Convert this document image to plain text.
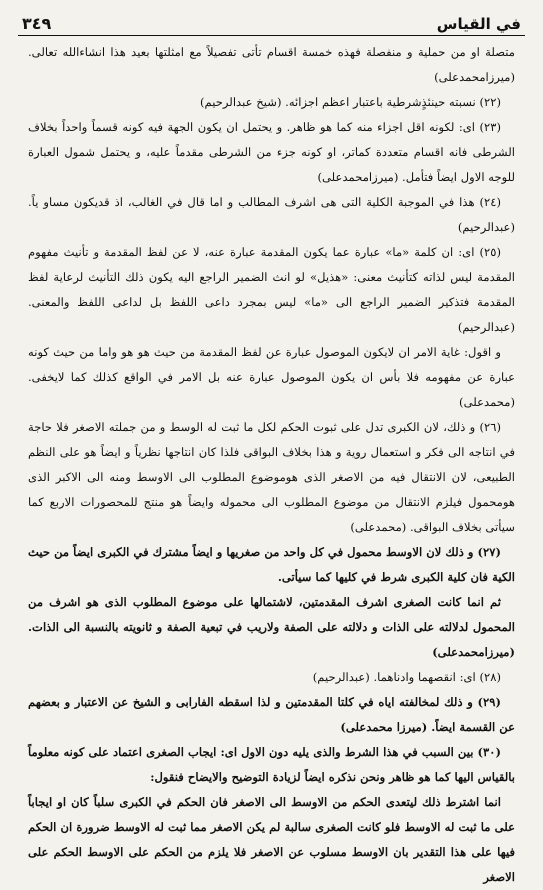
٣٤٩	في القياس

متصلة او من حملية و منفصلة فهذه خمسة اقسام تأتى تفصيلاً مع امثلتها بعيد هذا انشاءالله تعالى. (ميرزامحمدعلى)

(٢٢) نسبته حينئذٍشرطية باعتبار اعظم اجزائه. (شيخ عبدالرحيم)

(٢٣) اى: لكونه اقل اجزاء منه كما هو ظاهر. و يحتمل ان يكون الجهة فيه كونه قسماً واحداً بخلاف الشرطى فانه اقسام متعددة كماتر، او كونه جزء من الشرطى مقدماً عليه، و يحتمل شمول العبارة للوجه الاول ايضاً فتأمل. (ميرزامحمدعلى)

(٢٤) هذا في الموجبة الكلية التى هى اشرف المطالب و اما قال في الغالب، اذ قديكون مساو ياً. (عبدالرحيم)

(٢٥) اى: ان كلمة «ما» عبارة عما يكون المقدمة عبارة عنه، لا عن لفظ المقدمة و تأنيث مفهوم المقدمة ليس لذاته كتأنيث معنى: «هذيل» لو انث الضمير الراجع اليه يكون ذلك التأنيث لرعاية لفظ المقدمة فتذكير الضمير الراجع الى «ما» ليس بمجرد داعى اللفظ بل لداعى اللفظ والمعنى. (عبدالرحيم)

و اقول: غاية الامر ان لايكون الموصول عبارة عن لفظ المقدمة من حيث هو هو واما من حيث كونه عبارة عن مفهومه فلا بأس ان يكون الموصول عبارة عنه بل الامر في الواقع كذلك كما لايخفى. (محمدعلى)

(٢٦) و ذلك، لان الكبرى تدل على ثبوت الحكم لكل ما ثبت له الوسط و من جملته الاصغر فلا حاجة في انتاجه الى فكر و استعمال روية و هذا بخلاف البواقى فلذا كان انتاجها نظرياً و ايضاً هو على النظم الطبيعى، لان الانتقال فيه من الاصغر الذى هوموضوع المطلوب الى الاوسط ومنه الى الاكبر الذى هومحمول فيلزم الانتقال من موضوع المطلوب الى محموله وايضاً هو منتج للمحصورات الاربع كما سيأتى بخلاف البواقى. (محمدعلى)

(٢٧) و ذلك لان الاوسط محمول في كل واحد من صغريها و ايضاً مشترك في الكبرى ايضاً من حيث الكية فان كلية الكبرى شرط في كليها كما سيأتى.

ثم انما كانت الصغرى اشرف المقدمتين، لاشتمالها على موضوع المطلوب الذى هو اشرف من المحمول لدلالته على الذات و دلالته على الصفة ولاريب في تبعية الصفة و ثانويته بالنسبة الى الذات. (ميرزامحمدعلى)

(٢٨) اى: انقصهما وادناهما. (عبدالرحيم)

(٢٩) و ذلك لمخالفته اياه في كلتا المقدمتين و لذا اسقطه الفارابى و الشيخ عن الاعتبار و بعضهم عن القسمة ايضاً. (ميرزا محمدعلى)

(٣٠) بين السبب في هذا الشرط والذى يليه دون الاول اى: ايجاب الصغرى اعتماد على كونه معلوماً بالقياس اليها كما هو ظاهر ونحن نذكره ايضاً لزيادة التوضيح والايضاح فنقول:

انما اشترط ذلك ليتعدى الحكم من الاوسط الى الاصغر فان الحكم في الكبرى سلباً كان او ايجاباً على ما ثبت له الاوسط فلو كانت الصغرى سالبة لم يكن الاصغر مما ثبت له الاوسط ضرورة ان الحكم فيها على هذا التقدير بان الاوسط مسلوب عن الاصغر فلا يلزم من الحكم على الاوسط الحكم على الاصغر
